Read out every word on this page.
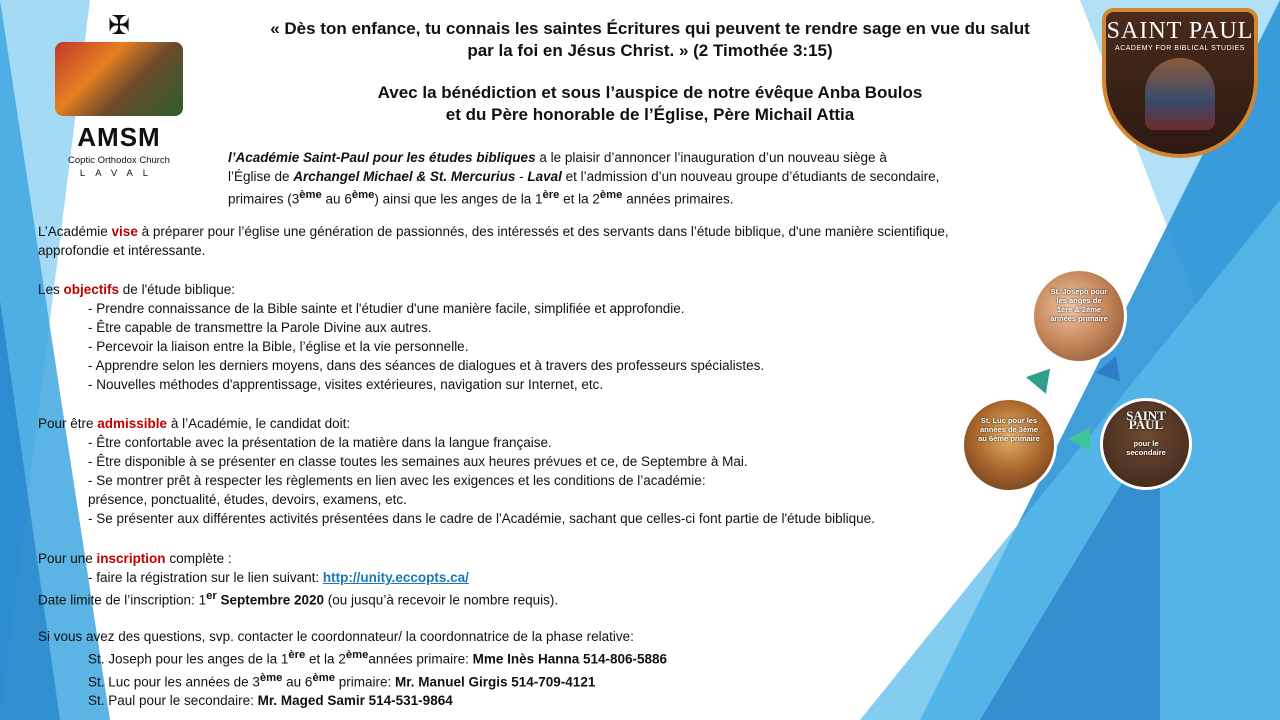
✠
AMSM
Coptic Orthodox Church
LAVAL
SAINT PAUL
ACADEMY FOR BIBLICAL STUDIES
« Dès ton enfance, tu connais les saintes Écritures qui peuvent te rendre sage en vue du salut
par la foi en Jésus Christ. » (2 Timothée 3:15)
Avec la bénédiction et sous l’auspice de notre évêque Anba Boulos
et du Père honorable de l’Église, Père Michail Attia
l’Académie Saint-Paul pour les études bibliques a le plaisir d’annoncer l’inauguration d’un nouveau siège à
l’Église de Archangel Michael & St. Mercurius - Laval et l’admission d’un nouveau groupe d’étudiants de secondaire,
primaires (3ème au 6ème) ainsi que les anges de la 1ère et la 2ème années primaires.
L’Académie vise à préparer pour l’église une génération de passionnés, des intéressés et des servants dans l’étude biblique, d'une manière scientifique,
approfondie et intéressante.
Les objectifs de l'étude biblique:
- Prendre connaissance de la Bible sainte et l'étudier d'une manière facile, simplifiée et approfondie.
- Être capable de transmettre la Parole Divine aux autres.
- Percevoir la liaison entre la Bible, l’église et la vie personnelle.
- Apprendre selon les derniers moyens, dans des séances de dialogues et à travers des professeurs spécialistes.
- Nouvelles méthodes d'apprentissage, visites extérieures, navigation sur Internet, etc.
Pour être admissible à l’Académie, le candidat doit:
- Être confortable avec la présentation de la matière dans la langue française.
- Être disponible à se présenter en classe toutes les semaines aux heures prévues et ce, de Septembre à Mai.
- Se montrer prêt à respecter les règlements en lien avec les exigences et les conditions de l’académie:
présence, ponctualité, études, devoirs, examens, etc.
- Se présenter aux différentes activités présentées dans le cadre de l'Académie, sachant que celles-ci font partie de l'étude biblique.
Pour une inscription complète :
- faire la régistration sur le lien suivant: http://unity.eccopts.ca/
Date limite de l’inscription: 1er Septembre 2020 (ou jusqu’à recevoir le nombre requis).
Si vous avez des questions, svp. contacter le coordonnateur/ la coordonnatrice de la phase relative:
St. Joseph pour les anges de la 1ère et la 2èmeannées primaire: Mme Inès Hanna 514-806-5886
St. Luc pour les années de 3ème au 6ème primaire: Mr. Manuel Girgis 514-709-4121
St. Paul pour le secondaire: Mr. Maged Samir 514-531-9864
St. Joseph pour les anges de 1ère & 2ème années primaire
St. Luc pour les années de 3ème au 6ème primaire
SAINT PAUL
pour le secondaire
